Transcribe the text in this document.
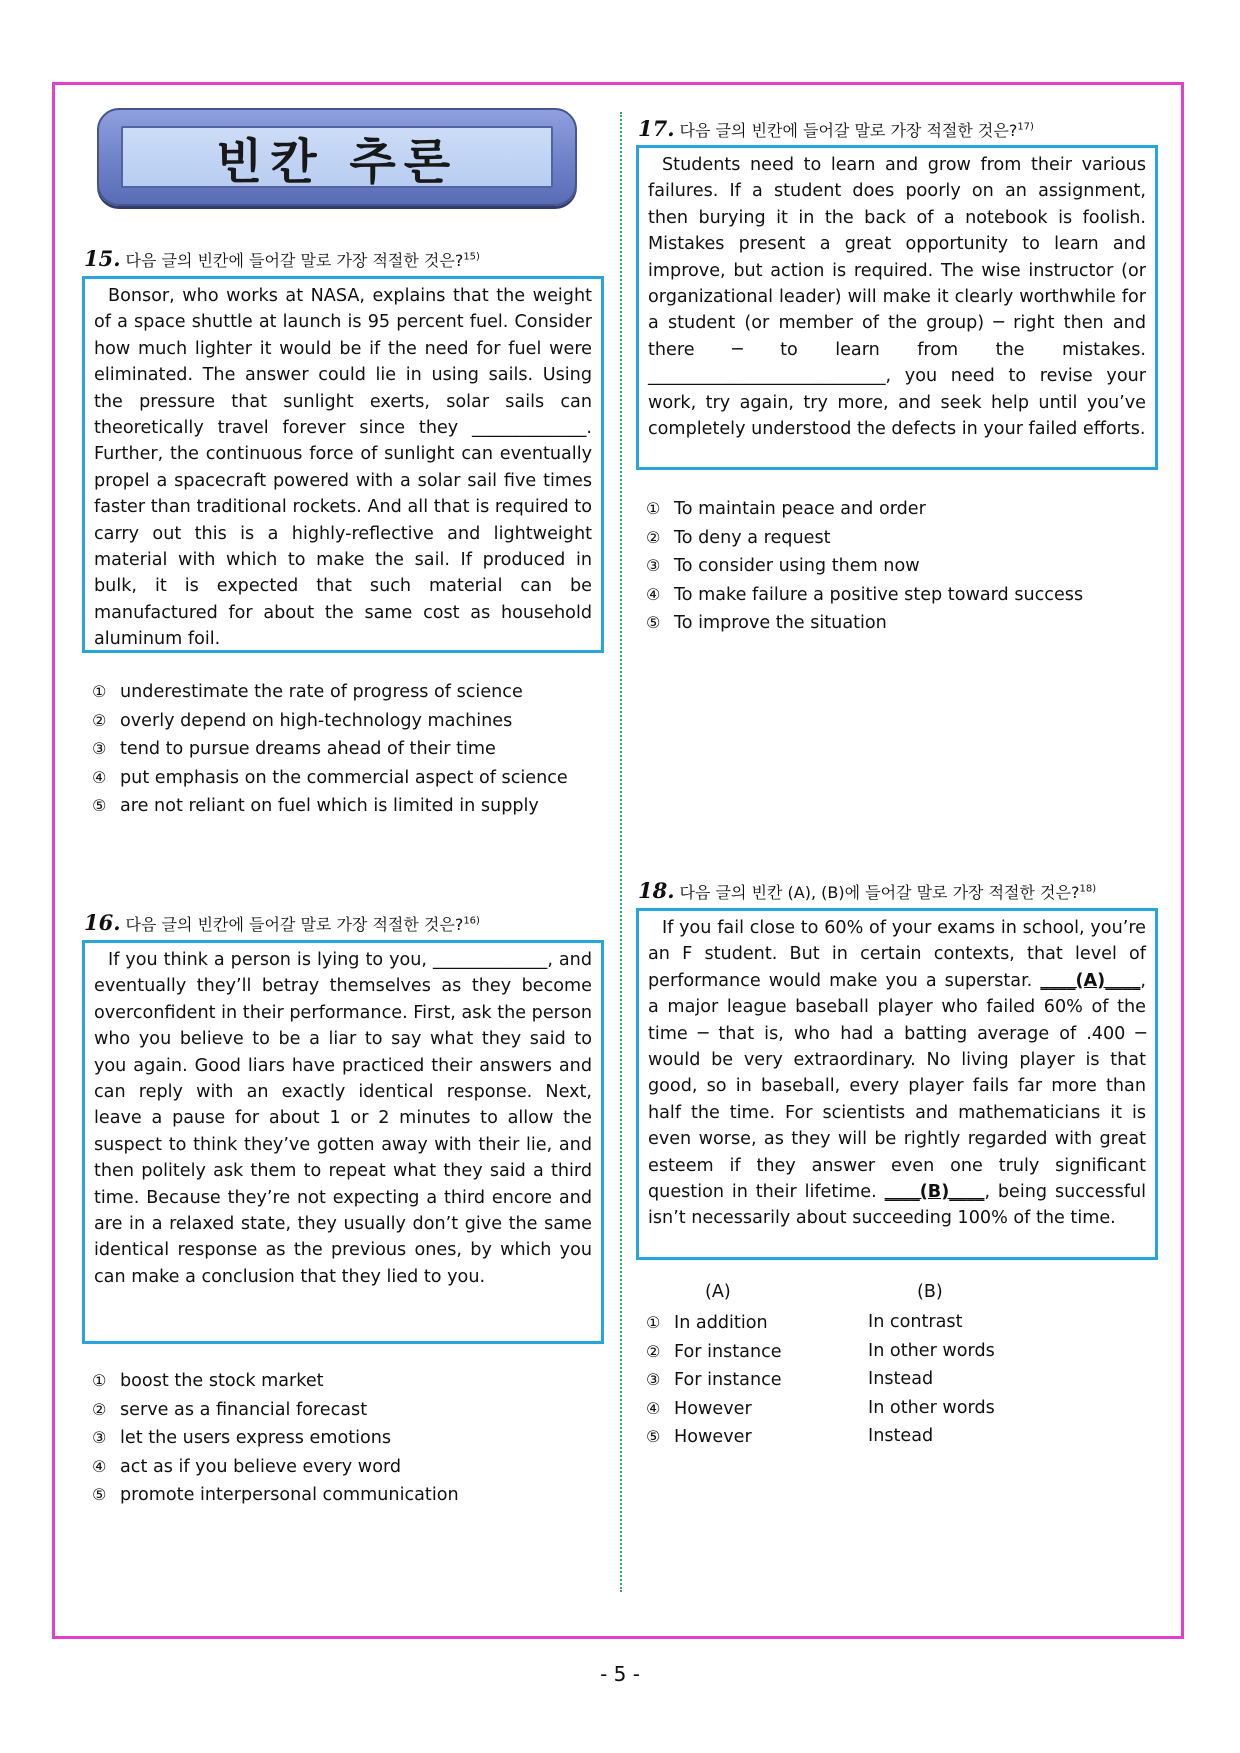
빈칸 추론
15. 다음 글의 빈칸에 들어갈 말로 가장 적절한 것은?$^{15)}$
Bonsor, who works at NASA, explains that the weight of a space shuttle at launch is 95 percent fuel. Consider how much lighter it would be if the need for fuel were eliminated. The answer could lie in using sails. Using the pressure that sunlight exerts, solar sails can theoretically travel forever since they _____________. Further, the continuous force of sunlight can eventually propel a spacecraft powered with a solar sail five times faster than traditional rockets. And all that is required to carry out this is a highly-reflective and lightweight material with which to make the sail. If produced in bulk, it is expected that such material can be manufactured for about the same cost as household aluminum foil.
① underestimate the rate of progress of science
② overly depend on high-technology machines
③ tend to pursue dreams ahead of their time
④ put emphasis on the commercial aspect of science
⑤ are not reliant on fuel which is limited in supply
16. 다음 글의 빈칸에 들어갈 말로 가장 적절한 것은?$^{16)}$
If you think a person is lying to you, _____________, and eventually they’ll betray themselves as they become overconfident in their performance. First, ask the person who you believe to be a liar to say what they said to you again. Good liars have practiced their answers and can reply with an exactly identical response. Next, leave a pause for about 1 or 2 minutes to allow the suspect to think they’ve gotten away with their lie, and then politely ask them to repeat what they said a third time. Because they’re not expecting a third encore and are in a relaxed state, they usually don’t give the same identical response as the previous ones, by which you can make a conclusion that they lied to you.
① boost the stock market
② serve as a financial forecast
③ let the users express emotions
④ act as if you believe every word
⑤ promote interpersonal communication
17. 다음 글의 빈칸에 들어갈 말로 가장 적절한 것은?$^{17)}$
Students need to learn and grow from their various failures. If a student does poorly on an assignment, then burying it in the back of a notebook is foolish. Mistakes present a great opportunity to learn and improve, but action is required. The wise instructor (or organizational leader) will make it clearly worthwhile for a student (or member of the group) ─ right then and there ─ to learn from the mistakes. ___________________________, you need to revise your work, try again, try more, and seek help until you’ve completely understood the defects in your failed efforts.
① To maintain peace and order
② To deny a request
③ To consider using them now
④ To make failure a positive step toward success
⑤ To improve the situation
18. 다음 글의 빈칸 (A), (B)에 들어갈 말로 가장 적절한 것은?$^{18)}$
If you fail close to 60% of your exams in school, you’re an F student. But in certain contexts, that level of performance would make you a superstar. ____(A)____, a major league baseball player who failed 60% of the time ─ that is, who had a batting average of .400 ─ would be very extraordinary. No living player is that good, so in baseball, every player fails far more than half the time. For scientists and mathematicians it is even worse, as they will be rightly regarded with great esteem if they answer even one truly significant question in their lifetime. ____(B)____, being successful isn’t necessarily about succeeding 100% of the time.
(A)	(B)
① In addition	In contrast
② For instance	In other words
③ For instance	Instead
④ However	In other words
⑤ However	Instead
- 5 -
